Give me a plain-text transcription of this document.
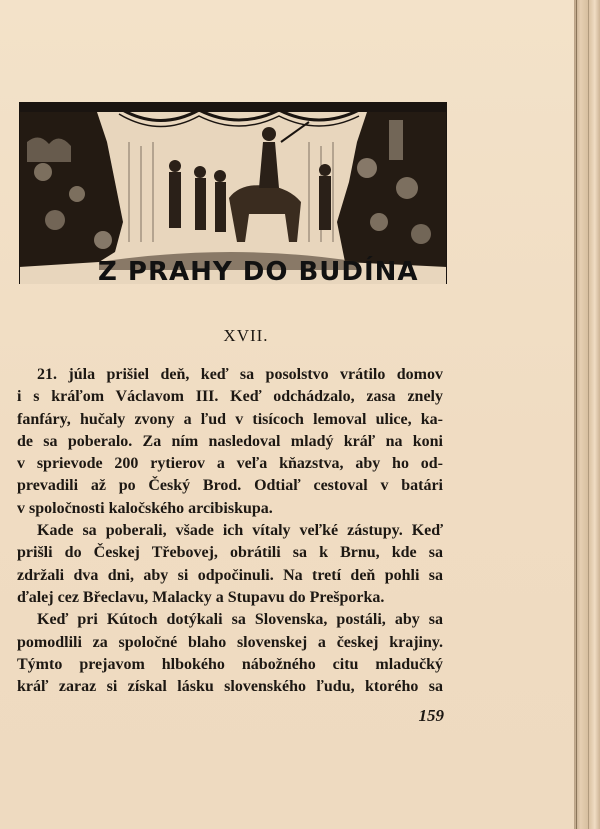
Z PRAHY DO BUDÍNA
XVII.
21. júla prišiel deň, keď sa posolstvo vrátilo domov
i s kráľom Václavom III. Keď odchádzalo, zasa znely
fanfáry, hučaly zvony a ľud v tisícoch lemoval ulice, ka-
de sa poberalo. Za ním nasledoval mladý kráľ na koni
v sprievode 200 rytierov a veľa kňazstva, aby ho od-
prevadili až po Český Brod. Odtiaľ cestoval v batári
v spoločnosti kaločského arcibiskupa.
Kade sa poberali, všade ich vítaly veľké zástupy. Keď
prišli do Českej Třebovej, obrátili sa k Brnu, kde sa
zdržali dva dni, aby si odpočinuli. Na tretí deň pohli sa
ďalej cez Břeclavu, Malacky a Stupavu do Prešporka.
Keď pri Kútoch dotýkali sa Slovenska, postáli, aby sa
pomodlili za spoločné blaho slovenskej a českej krajiny.
Týmto prejavom hlbokého nábožného citu mladučký
kráľ zaraz si získal lásku slovenského ľudu, ktorého sa
159
